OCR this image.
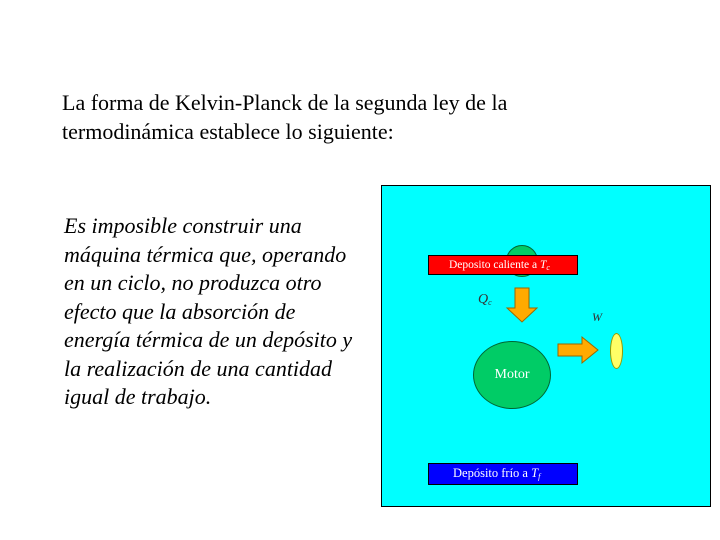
La forma de Kelvin-Planck de la segunda ley de la termodinámica establece lo siguiente:
Es imposible construir una máquina térmica que, operando en un ciclo, no produzca otro efecto que la absorción de energía térmica de un depósito y la realización de una cantidad igual de trabajo.
Deposito caliente a $T_c$
$Q_c$
W
Motor
Depósito frío a $T_f$
